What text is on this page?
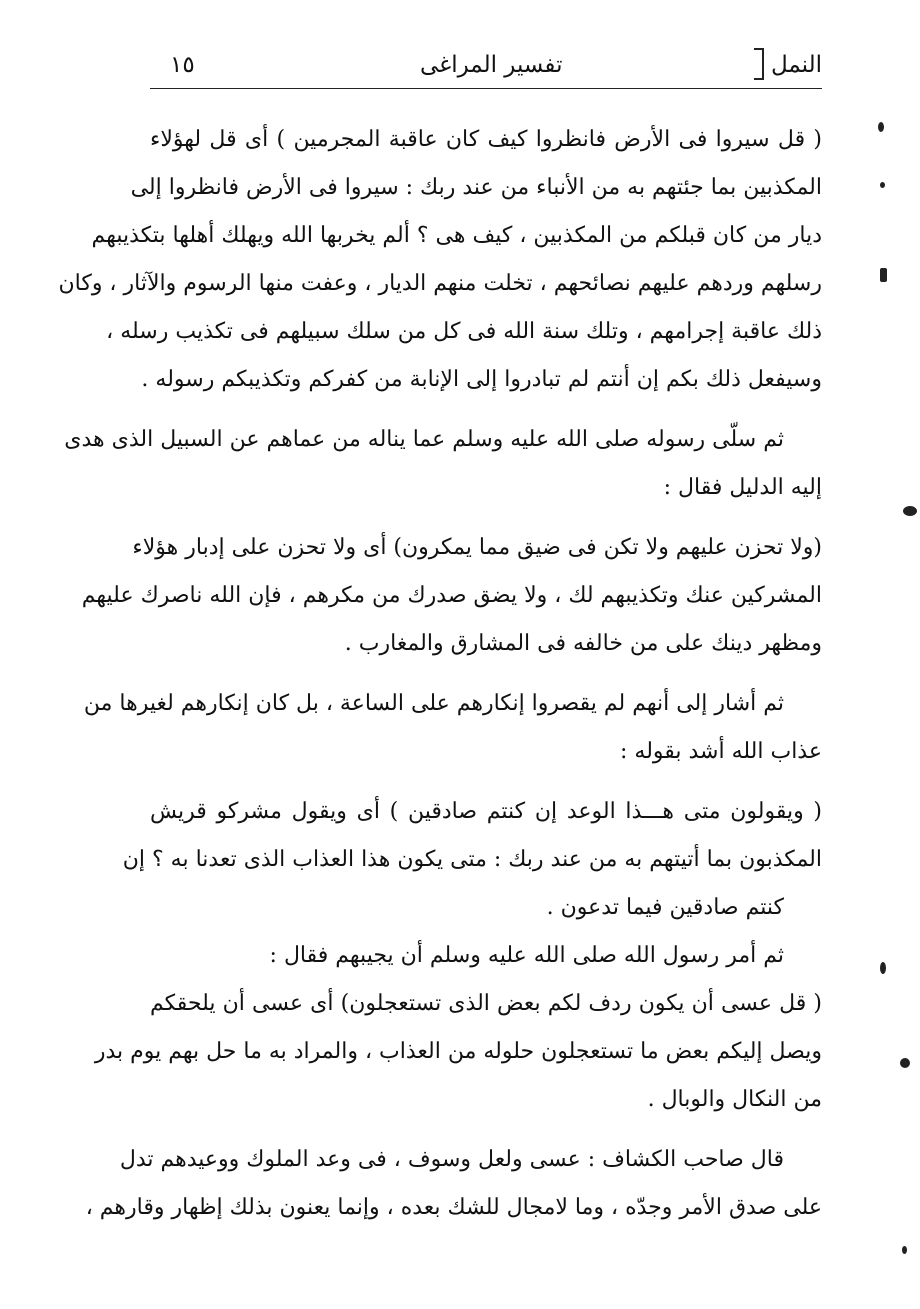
١٥	تفسير المراغى	النمل
( قل سيروا فى الأرض فانظروا كيف كان عاقبة المجرمين ) أى قل لهؤلاء
المكذبين بما جئتهم به من الأنباء من عند ربك : سيروا فى الأرض فانظروا إلى
ديار من كان قبلكم من المكذبين ، كيف هى ؟ ألم يخربها الله ويهلك أهلها بتكذيبهم
رسلهم وردهم عليهم نصائحهم ، تخلت منهم الديار ، وعفت منها الرسوم والآثار ، وكان
ذلك عاقبة إجرامهم ، وتلك سنة الله فى كل من سلك سبيلهم فى تكذيب رسله ،
وسيفعل ذلك بكم إن أنتم لم تبادروا إلى الإنابة من كفركم وتكذيبكم رسوله .
ثم سلّى رسوله صلى الله عليه وسلم عما يناله من عماهم عن السبيل الذى هدى
إليه الدليل فقال :
(ولا تحزن عليهم ولا تكن فى ضيق مما يمكرون) أى ولا تحزن على إدبار هؤلاء
المشركين عنك وتكذيبهم لك ، ولا يضق صدرك من مكرهم ، فإن الله ناصرك عليهم
ومظهر دينك على من خالفه فى المشارق والمغارب .
ثم أشار إلى أنهم لم يقصروا إنكارهم على الساعة ، بل كان إنكارهم لغيرها من
عذاب الله أشد بقوله :
( ويقولون متى هـــذا الوعد إن كنتم صادقين ) أى ويقول مشركو قريش
المكذبون بما أتيتهم به من عند ربك : متى يكون هذا العذاب الذى تعدنا به ؟ إن
كنتم صادقين فيما تدعون .
ثم أمر رسول الله صلى الله عليه وسلم أن يجيبهم فقال :
( قل عسى أن يكون ردف لكم بعض الذى تستعجلون) أى عسى أن يلحقكم
ويصل إليكم بعض ما تستعجلون حلوله من العذاب ، والمراد به ما حل بهم يوم بدر
من النكال والوبال .
قال صاحب الكشاف : عسى ولعل وسوف ، فى وعد الملوك ووعيدهم تدل
على صدق الأمر وجدّه ، وما لامجال للشك بعده ، وإنما يعنون بذلك إظهار وقارهم ،
